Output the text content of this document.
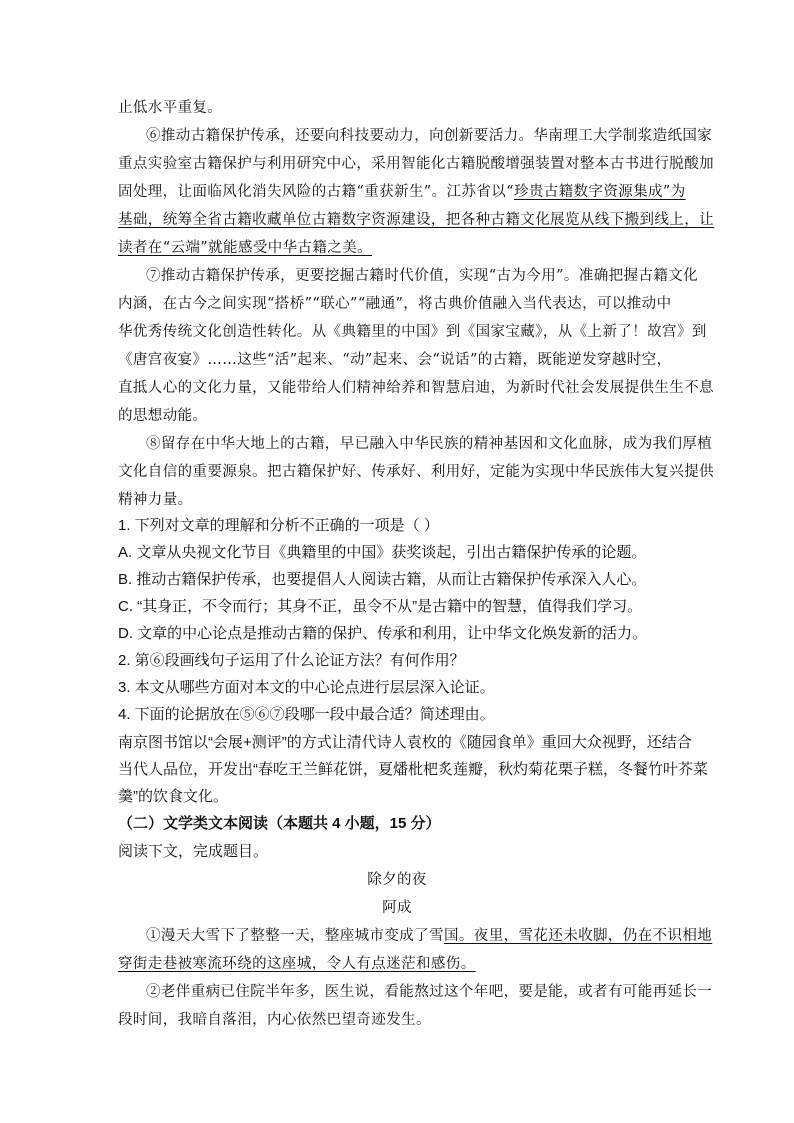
止低水平重复。
⑥推动古籍保护传承，还要向科技要动力，向创新要活力。华南理工大学制浆造纸国家
重点实验室古籍保护与利用研究中心，采用智能化古籍脱酸增强装置对整本古书进行脱酸加
固处理，让面临风化消失风险的古籍“重获新生”。江苏省以“珍贵古籍数字资源集成”为
基础，统筹全省古籍收藏单位古籍数字资源建设，把各种古籍文化展览从线下搬到线上，让
读者在“云端”就能感受中华古籍之美。
⑦推动古籍保护传承，更要挖掘古籍时代价值，实现“古为今用”。准确把握古籍文化
内涵，在古今之间实现“搭桥”“联心”“融通”，将古典价值融入当代表达，可以推动中
华优秀传统文化创造性转化。从《典籍里的中国》到《国家宝藏》，从《上新了！故宫》到
《唐宫夜宴》……这些“活”起来、“动”起来、会“说话”的古籍，既能逆发穿越时空，
直抵人心的文化力量，又能带给人们精神给养和智慧启迪，为新时代社会发展提供生生不息
的思想动能。
⑧留存在中华大地上的古籍，早已融入中华民族的精神基因和文化血脉，成为我们厚植
文化自信的重要源泉。把古籍保护好、传承好、利用好，定能为实现中华民族伟大复兴提供
精神力量。
1. 下列对文章的理解和分析不正确的一项是（ ）
A. 文章从央视文化节目《典籍里的中国》获奖谈起，引出古籍保护传承的论题。
B. 推动古籍保护传承，也要提倡人人阅读古籍，从而让古籍保护传承深入人心。
C. “其身正，不令而行；其身不正，虽令不从”是古籍中的智慧，值得我们学习。
D. 文章的中心论点是推动古籍的保护、传承和利用，让中华文化焕发新的活力。
2. 第⑥段画线句子运用了什么论证方法？有何作用？
3. 本文从哪些方面对本文的中心论点进行层层深入论证。
4. 下面的论据放在⑤⑥⑦段哪一段中最合适？简述理由。
南京图书馆以“会展+测评”的方式让清代诗人袁枚的《随园食单》重回大众视野，还结合
当代人品位，开发出“春吃王兰鲜花饼，夏燔枇杷炙莲瓣，秋灼菊花栗子糕，冬餐竹叶芥菜
羹”的饮食文化。
（二）文学类文本阅读（本题共 4 小题，15 分）
阅读下文，完成题目。
除夕的夜
阿成
①漫天大雪下了整整一天，整座城市变成了雪国。夜里，雪花还未收脚，仍在不识相地
穿街走巷被寒流环绕的这座城，令人有点迷茫和感伤。
②老伴重病已住院半年多，医生说，看能熬过这个年吧，要是能，或者有可能再延长一
段时间，我暗自落泪，内心依然巴望奇迹发生。
